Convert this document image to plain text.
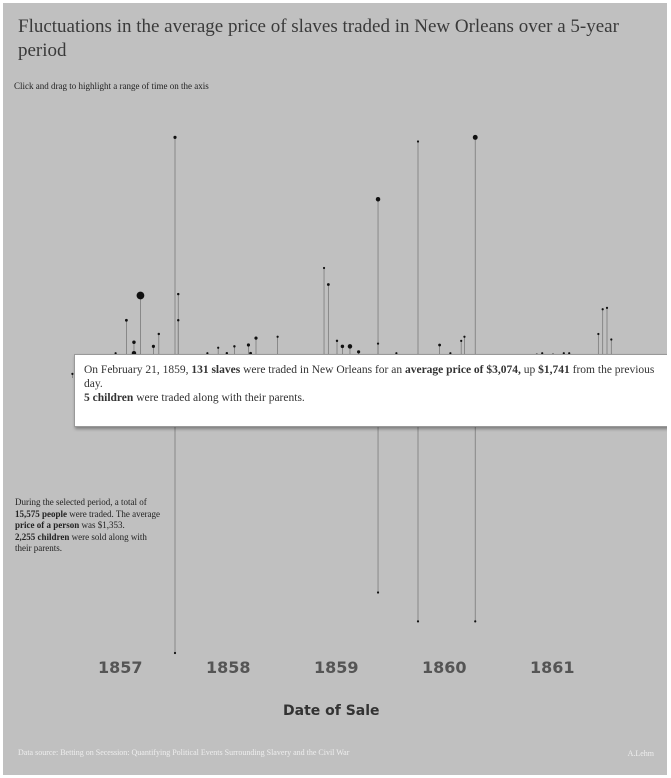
Fluctuations in the average price of slaves traded in New Orleans over a 5-year period
Click and drag to highlight a range of time on the axis
On February 21, 1859, 131 slaves were traded in New Orleans for an average price of $3,074, up $1,741 from the previous day.
5 children were traded along with their parents.
During the selected period, a total of 15,575 people were traded. The average price of a person was $1,353.
2,255 children were sold along with their parents.
1857	1858	1859	1860	1861
Date of Sale
Data source: Betting on Secession: Quantifying Political Events Surrounding Slavery and the Civil War	A.Lehm
